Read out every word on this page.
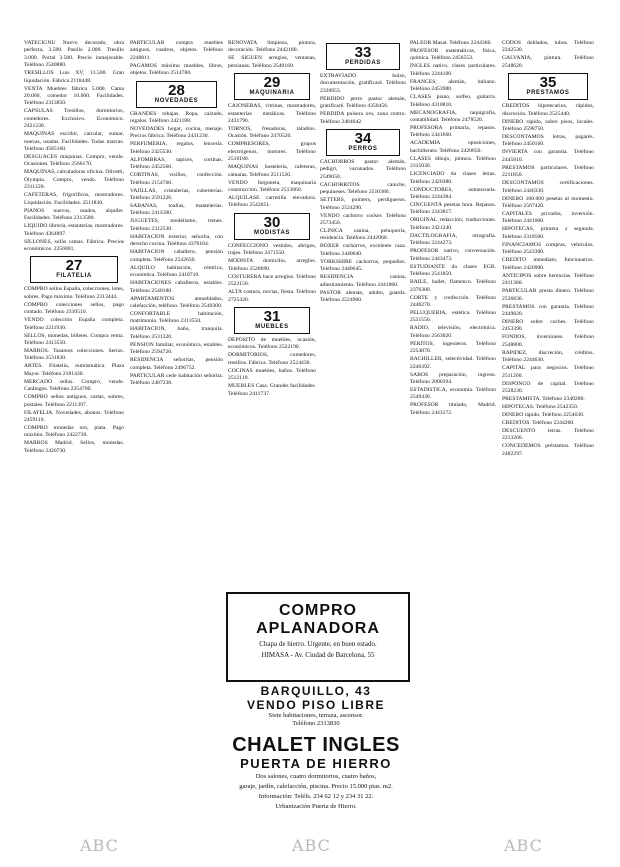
VATECIGNU Nuevo decorado, obra perfecta, 3.500. Pasillo 2.000. Tresillo 3.000. Portal 3.500. Precio inmejorable. Teléfono 2540880.

TRESILLOS Luis XV, 13.500. Gran liquidación. Fábrica 2118448.

VENTA Muebles fábrica 5.000. Cama 20.000, comedor 10.000. Facilidades. Teléfono 2313850.

CAPSULAS Tresillos, dormitorios, comedores. Exclusivo. Económico. 2421230.

MAQUINAS escribir, calcular, sumar, nuevas, usadas. Facilidades. Todas marcas. Teléfono 4585160.

DESGUACES máquinas. Compro, vendo. Ocasiones. Teléfono 2566170.

MAQUINAS, calculadoras oficina. Olivetti, Olympia. Compro, vendo. Teléfono 2311220.

CAFETERAS, frigoríficos, mostradores. Liquidación. Facilidades. 2511830.

PIANOS nuevos, usados, alquiler. Facilidades. Teléfono 2313580.

LIQUIDO librería, estanterías, mostradores. Teléfono 4364897.

SILLONES, sofás camas. Fábrica. Precios económicos. 2256881.

27
FILATELIA

COMPRO sellos España, colecciones, lotes, sobres. Pago máximo. Teléfono 2313444.

COMPRO colecciones sellos, pago contado. Teléfono 2310510.

VENDO colección España completa. Teléfono 2211930.

SELLOS, monedas, billetes. Compra venta. Teléfono 2413550.

MARROS. Tasamos colecciones. Serios. Teléfono 2531830.

ARTES. Filatelia, numismática. Plaza Mayor. Teléfono 2181430.

MERCADO sellos. Compro, vendo. Catálogos. Teléfono 2254700.

COMPRO sellos antiguos, cartas, sobres, postales. Teléfono 2211397.

FILATELIA. Novedades, abonos. Teléfono 2459110.

COMPRO monedas oro, plata. Pago máximo. Teléfono 2422730.

MARROS Madrid. Sellos, monedas. Teléfono 2420730.

PARTICULAR compra muebles antiguos, cuadros, objetos. Teléfono 2248811.

PAGAMOS máximo muebles, libros, objetos. Teléfono 2514780.

28
NOVEDADES

GRANDES rebajas. Ropa, calzado, regalos. Teléfono 2421188.

NOVEDADES hogar, cocina, menaje. Precios fábrica. Teléfono 2431230.

PERFUMERIA, regalos, lencería. Teléfono 2425530.

ALFOMBRAS, tapices, cortinas. Teléfono 2452560.

CORTINAS, visillos, confección. Teléfono 2154760.

VAJILLAS, cristalerías, cuberterías. Teléfono 2591226.

SABANAS, toallas, mantelerías. Teléfono 2411580.

JUGUETES, modelismo, trenes. Teléfono 2312530.

HABITACION exterior, señorita, con derecho cocina. Teléfono 4370164.

HABITACION caballero, pensión completa. Teléfono 2542650.

ALQUILO habitación, céntrica, económica. Teléfono 2418710.

HABITACIONES caballeros, estables. Teléfono 2540180.

APARTAMENTOS amueblados, calefacción, teléfono. Teléfono 2540300.

CONFORTABLE habitación, matrimonio. Teléfono 2313550.

HABITACION, baño, tranquila. Teléfono 2531320.

PENSION familiar, económica, estables. Teléfono 2594720.

RESIDENCIA señoritas, pensión completa. Teléfono 2496752.

PARTICULAR cede habitación señorita. Teléfono 2487238.

RENOVATA limpieza, pintura, decoración. Teléfono 2442180.

SE SIGUEN arreglos, ventanas, persianas. Teléfono 2540160.

29
MAQUINARIA

CAJONERAS, vitrinas, mostradores, estanterías metálicas. Teléfono 2431790.

TORNOS, fresadoras, taladros. Ocasión. Teléfono 2470520.

COMPRESORES, grupos electrógenos, motores. Teléfono 2510180.

MAQUINAS hostelería, cafeteras, cámaras. Teléfono 2511520.

VENDO furgoneta, maquinaria construcción. Teléfono 2513060.

ALQUILASE carretilla elevadora. Teléfono 2542651.

30
MODISTAS

CONFECCIONO vestidos, abrigos, trajes. Teléfono 2471550.

MODISTA domicilio, arreglos. Teléfono 2528690.

COSTURERA hace arreglos. Teléfono 2522150.

ALTA costura, novias, fiesta. Teléfono 2725420.

31
MUEBLES

DEPOSITO de muebles, ocasión, económicos. Teléfono 2522190.

DORMITORIOS, comedores, tresillos. Fábrica. Teléfono 2524430.

COCINAS muebles, baños. Teléfono 2512110.

MUEBLES Casa. Grandes facilidades. Teléfono 2411737.

33
PERDIDAS

EXTRAVIADO bolso, documentación, gratificaré. Teléfono 2320953.

PERDIDO perro pastor alemán, gratificaré. Teléfono 4350456.

PERDIDA pulsera oro, zona centro. Teléfono 2484642.

34
PERROS

CACHORROS pastor alemán, pedigrí, vacunados. Teléfono 2549050.

CACHORRITOS caniche, pequineses. Teléfono 2510380.

SETTERS, pointers, perdigueros. Teléfono 2524290.

VENDO cachorro cocker. Teléfono 2573450.

CLINICA canina, peluquería, residencia. Teléfono 2442060.

BOXER cachorros, excelente raza. Teléfono 2440640.

YORKSHIRE cachorros, pequeños. Teléfono 2440645.

RESIDENCIA canina, adiestramiento. Teléfono 2441860.

PASTOR alemán, adulto, guarda. Teléfono 2524960.

PALEOR Masat. Teléfono 2244386.

PROFESOR matemáticas, física, química. Teléfono 2456553.

INGLES nativo, clases particulares. Teléfono 2244100.

FRANCES, alemán, italiano. Teléfono 2453980.

CLASES piano, solfeo, guitarra. Teléfono 4310810.

MECANOGRAFIA, taquigrafía, contabilidad. Teléfono 2478520.

PROFESORA primaria, repasos. Teléfono 2441660.

ACADEMIA oposiciones, bachillerato. Teléfono 2420650.

CLASES dibujo, pintura. Teléfono 2315030.

LICENCIADO da clases letras. Teléfono 2420380.

CONDUCTORES, autoescuela. Teléfono 2244384.

CINCUENTA pesetas hora. Repasos. Teléfono 2343817.

ORIGINAL redacción, traducciones. Teléfono 2421240.

DACTILOGRAFIA, ortografía. Teléfono 2244273.

PROFESOR nativo, conversación. Teléfono 2443473.

ESTUDIANTE da clases EGB. Teléfono 2541850.

BAILE, ballet, flamenco. Teléfono 2376380.

CORTE y confección. Teléfono 2440270.

PELUQUERIA, estética. Teléfono 2531550.

RADIO, televisión, electrónica. Teléfono 2563020.

PERITOS, ingenieros. Teléfono 2254870.

BACHILLER, selectividad. Teléfono 2246392.

SABOS preparación, ingreso. Teléfono 2000394.

ESTADISTICA, economía. Teléfono 2549430.

PROFESOR titulado, Madrid. Teléfono 2443172.

CODOS doblados, tubos. Teléfono 2242530.

GALVANIA, pintura. Teléfono 2548620.

35
PRESTAMOS

CREDITOS hipotecarios, rápidos, discreción. Teléfono 2525440.

DINERO rápido, sobre pisos, locales. Teléfono 2598750.

DESCONTAMOS letras, pagarés. Teléfono 2450160.

INVIERTA con garantía. Teléfono 2445810.

PRESTAMOS particulares. Teléfono 2211850.

DESCONTAMOS certificaciones. Teléfono 2446330.

DINERO 100.000 pesetas al momento. Teléfono 2567420.

CAPITALES privados, inversión. Teléfono 2441000.

HIPOTECAS, primera y segunda. Teléfono 2318500.

FINANCIAMOS compras, vehículos. Teléfono 2543300.

CREDITO inmediato, funcionarios. Teléfono 2420900.

ANTICIPOS sobre herencias. Teléfono 2411300.

PARTICULAR presta dinero. Teléfono 2536830.

PRESTAMOS con garantía. Teléfono 2449820.

DINERO sobre coches. Teléfono 2453390.

FONDOS, inversiones. Teléfono 2548800.

RAPIDEZ, discreción, créditos. Teléfono 2244630.

CAPITAL para negocios. Teléfono 2511200.

DISPONGO de capital. Teléfono 2528230.

PRESTAMISTA. Teléfono 2340280.

HIPOTECAS. Teléfono 2542350.

DINERO rápido. Teléfono 2254630.

CREDITOS. Teléfono 2244200.

DESCUENTO letras. Teléfono 2213260.

CONCEDEMOS préstamos. Teléfono 2482297.

COMPRO APLANADORA
Chapa de hierro. Urgente, en buen estado.
HIMASA - Av. Ciudad de Barcelona, 55
BARQUILLO, 43
VENDO PISO LIBRE
Siete habitaciones, terraza, ascensor.
Teléfono 2313830
CHALET INGLES
PUERTA DE HIERRO
Dos salones, cuatro dormitorios, cuatro baños,
garaje, jardín, calefacción, piscina. Precio 15.000 ptas. m2.
Información: Teléfs. 234 62 12 y 234 31 22.
Urbanización Puerta de Hierro.
ABC	ABC	ABC
